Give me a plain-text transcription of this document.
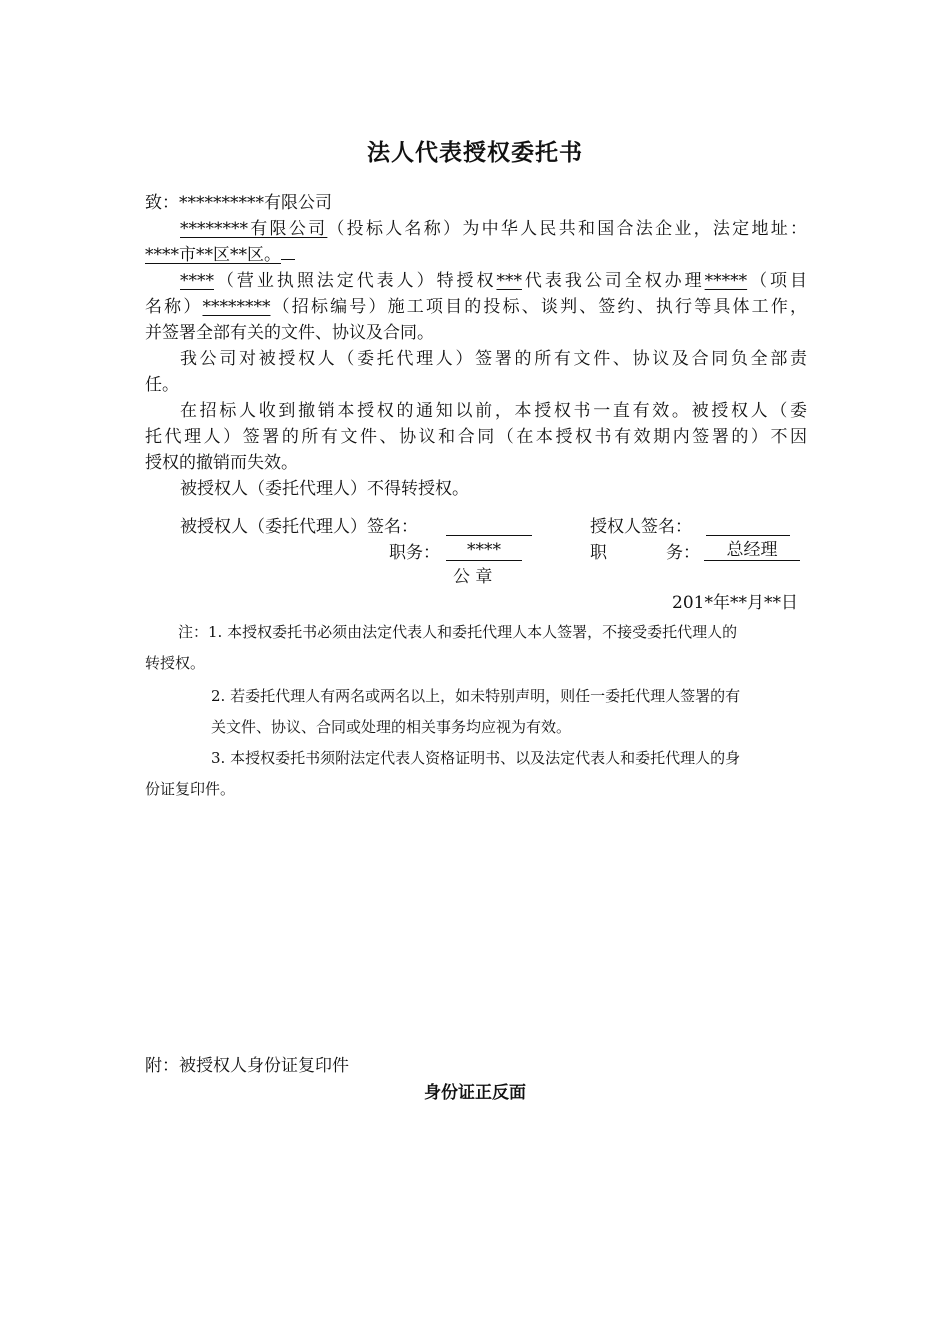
法人代表授权委托书
致：**********有限公司
********有限公司（投标人名称）为中华人民共和国合法企业，法定地址：
****市**区**区。
****（营业执照法定代表人）特授权***代表我公司全权办理*****（项目
名称）********（招标编号）施工项目的投标、谈判、签约、执行等具体工作，
并签署全部有关的文件、协议及合同。
我公司对被授权人（委托代理人）签署的所有文件、协议及合同负全部责
任。
在招标人收到撤销本授权的通知以前，本授权书一直有效。被授权人（委
托代理人）签署的所有文件、协议和合同（在本授权书有效期内签署的）不因
授权的撤销而失效。
被授权人（委托代理人）不得转授权。
被授权人（委托代理人）签名：	授权人签名：
职务：	****	职	务：	总经理
公 章
201*年**月**日
注：1. 本授权委托书必须由法定代表人和委托代理人本人签署，不接受委托代理人的
转授权。
2. 若委托代理人有两名或两名以上，如未特别声明，则任一委托代理人签署的有
关文件、协议、合同或处理的相关事务均应视为有效。
3. 本授权委托书须附法定代表人资格证明书、以及法定代表人和委托代理人的身
份证复印件。
附：被授权人身份证复印件
身份证正反面
